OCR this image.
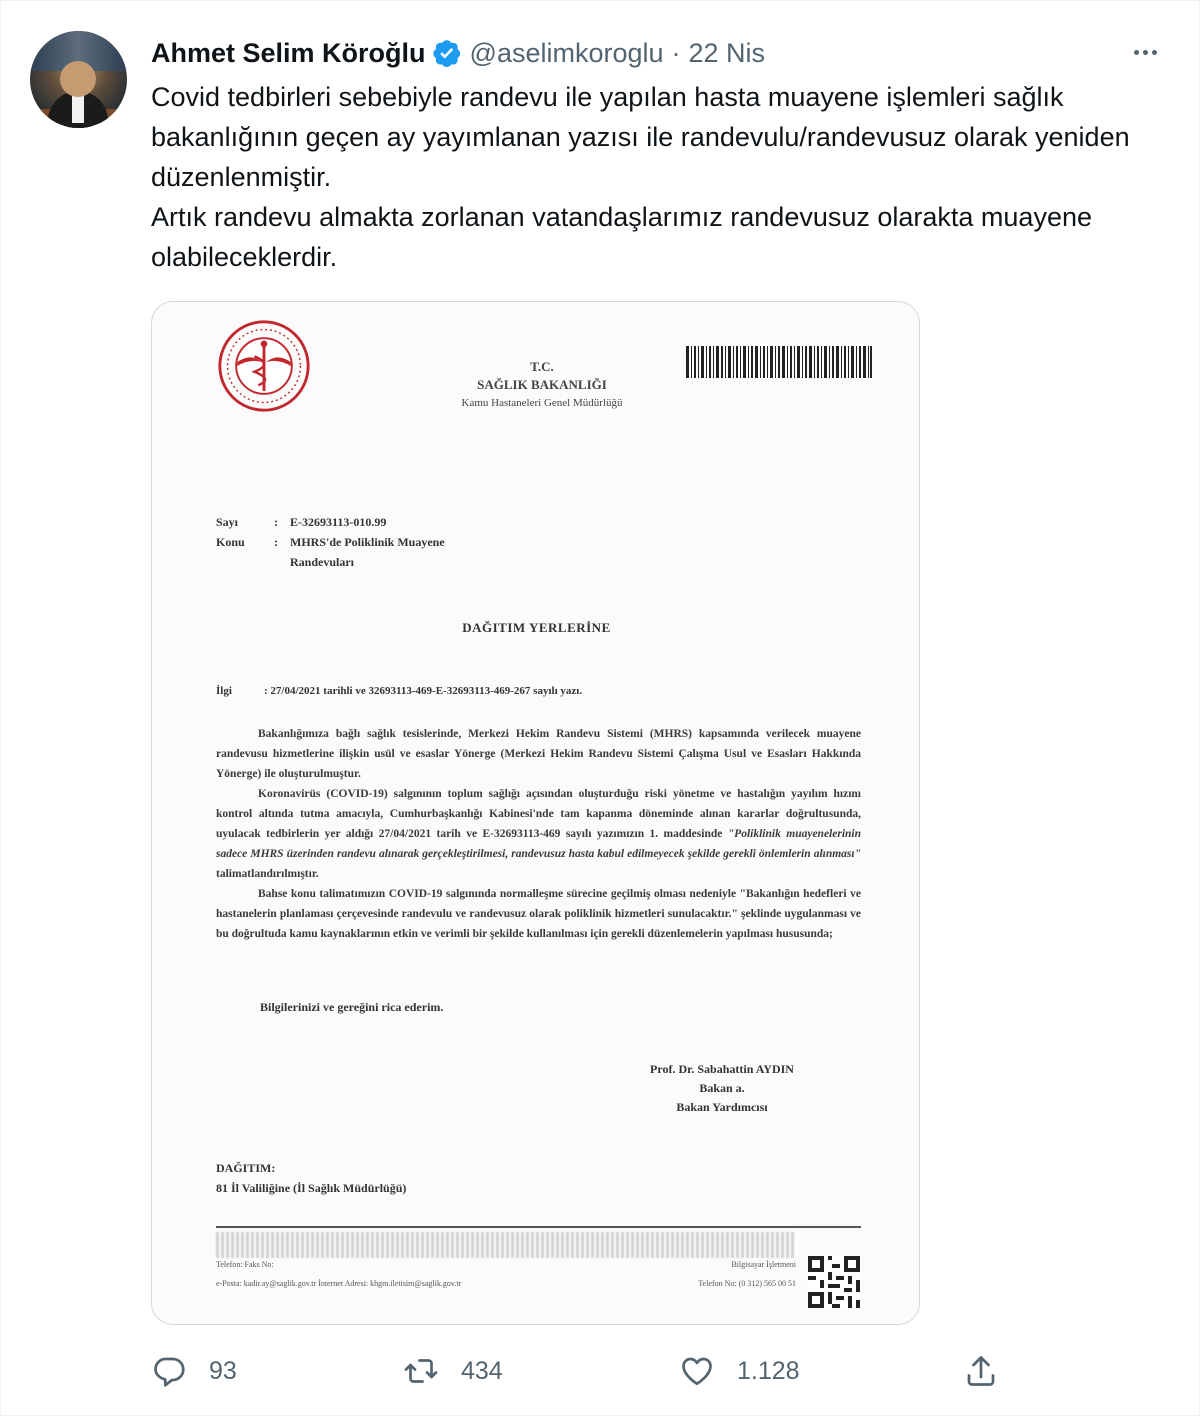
Ahmet Selim Köroğlu @aselimkoroglu · 22 Nis

Covid tedbirleri sebebiyle randevu ile yapılan hasta muayene işlemleri sağlık bakanlığının geçen ay yayımlanan yazısı ile randevulu/randevusuz olarak yeniden düzenlenmiştir.

Artık randevu almakta zorlanan vatandaşlarımız randevusuz olarakta muayene olabileceklerdir.

T.C.
SAĞLIK BAKANLIĞI
Kamu Hastaneleri Genel Müdürlüğü
Sayı	:	E-32693113-010.99
Konu	:	MHRS'de Poliklinik Muayene Randevuları
DAĞITIM YERLERİNE
İlgi	: 27/04/2021 tarihli ve 32693113-469-E-32693113-469-267 sayılı yazı.

Bakanlığımıza bağlı sağlık tesislerinde, Merkezi Hekim Randevu Sistemi (MHRS) kapsamında verilecek muayene randevusu hizmetlerine ilişkin usül ve esaslar Yönerge (Merkezi Hekim Randevu Sistemi Çalışma Usul ve Esasları Hakkında Yönerge) ile oluşturulmuştur.

Koronavirüs (COVID-19) salgınının toplum sağlığı açısından oluşturduğu riski yönetme ve hastalığın yayılım hızını kontrol altında tutma amacıyla, Cumhurbaşkanlığı Kabinesi'nde tam kapanma döneminde alınan kararlar doğrultusunda, uyulacak tedbirlerin yer aldığı 27/04/2021 tarih ve E-32693113-469 sayılı yazımızın 1. maddesinde "Poliklinik muayenelerinin sadece MHRS üzerinden randevu alınarak gerçekleştirilmesi, randevusuz hasta kabul edilmeyecek şekilde gerekli önlemlerin alınması" talimatlandırılmıştır.

Bahse konu talimatımızın COVID-19 salgınında normalleşme sürecine geçilmiş olması nedeniyle "Bakanlığın hedefleri ve hastanelerin planlaması çerçevesinde randevulu ve randevusuz olarak poliklinik hizmetleri sunulacaktır." şeklinde uygulanması ve bu doğrultuda kamu kaynaklarının etkin ve verimli bir şekilde kullanılması için gerekli düzenlemelerin yapılması hususunda;

Bilgilerinizi ve gereğini rica ederim.
Prof. Dr. Sabahattin AYDIN
Bakan a.
Bakan Yardımcısı
DAĞITIM:
81 İl Valiliğine (İl Sağlık Müdürlüğü)
Telefon: Faks No:	Bilgisayar İşletmeni
e-Posta: kadir.ay@saglik.gov.tr İnternet Adresi: khgm.iletisim@saglik.gov.tr	Telefon No: (0 312) 565 00 51
93	434	1.128
